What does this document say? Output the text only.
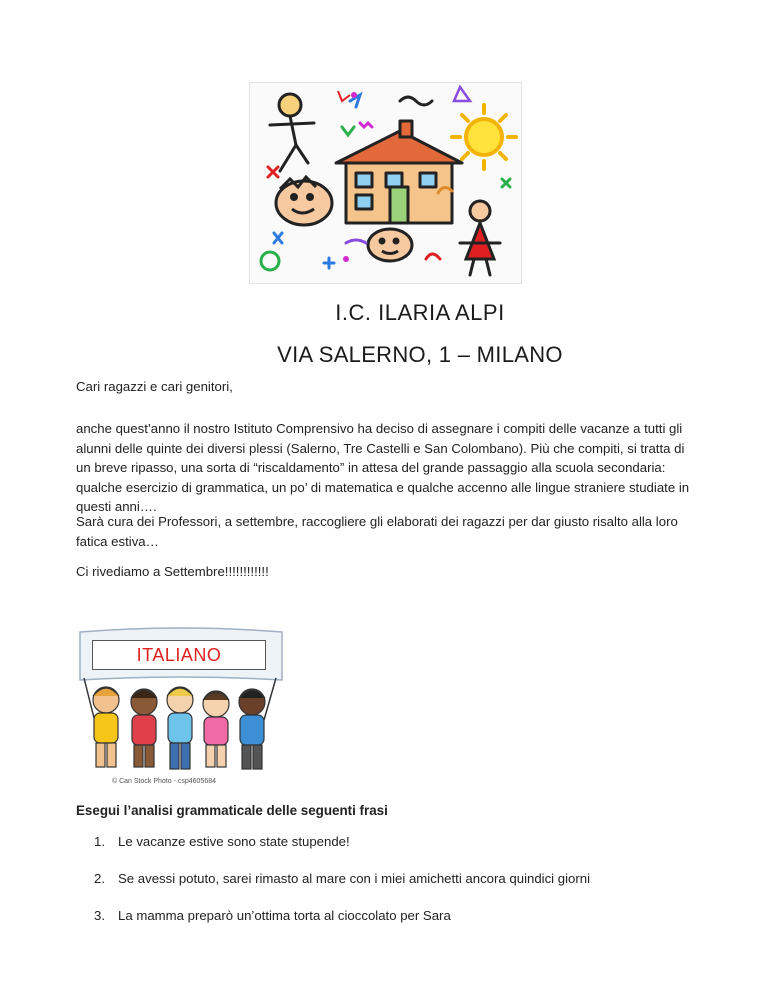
I.C. ILARIA ALPI
VIA SALERNO, 1 – MILANO

Cari ragazzi e cari genitori,

anche quest’anno il nostro Istituto Comprensivo ha deciso di assegnare i compiti delle vacanze a tutti gli alunni delle quinte dei diversi plessi (Salerno, Tre Castelli e San Colombano). Più che compiti, si tratta di un breve ripasso, una sorta di “riscaldamento” in attesa del grande passaggio alla scuola secondaria: qualche esercizio di grammatica, un po’ di matematica e qualche accenno alle lingue straniere studiate in questi anni….

Sarà cura dei Professori, a settembre, raccogliere gli elaborati dei ragazzi per dar giusto risalto alla loro fatica estiva…

Ci rivediamo a Settembre!!!!!!!!!!!!

© Can Stock Photo - csp4605684
ITALIANO

Esegui l’analisi grammaticale delle seguenti frasi

1. Le vacanze estive sono state stupende!
2. Se avessi potuto, sarei rimasto al mare con i miei amichetti ancora quindici giorni
3. La mamma preparò un’ottima torta al cioccolato per Sara
